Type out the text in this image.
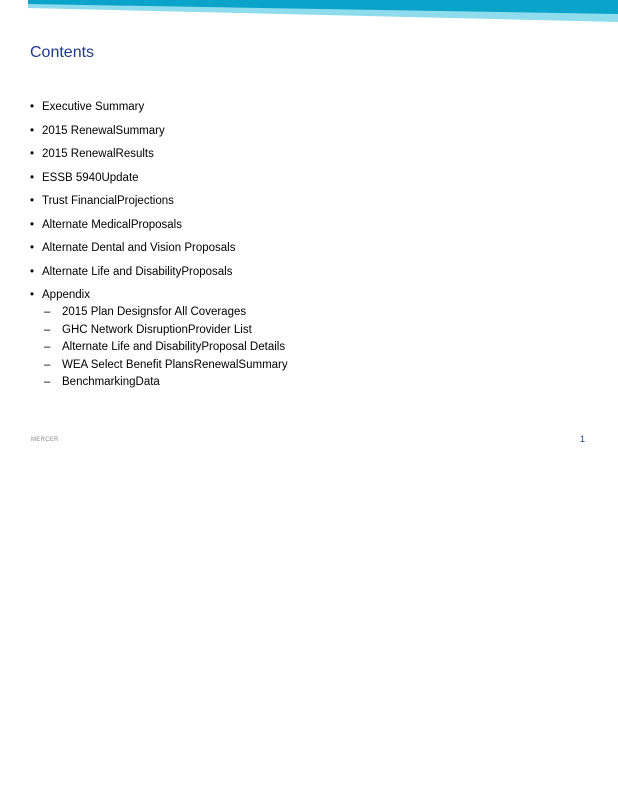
Contents
• Executive Summary
• 2015 RenewalSummary
• 2015 RenewalResults
• ESSB 5940Update
• Trust FinancialProjections
• Alternate MedicalProposals
• Alternate Dental and Vision Proposals
• Alternate Life and DisabilityProposals
• Appendix
– 2015 Plan Designsfor All Coverages
– GHC Network DisruptionProvider List
– Alternate Life and DisabilityProposal Details
– WEA Select Benefit PlansRenewalSummary
– BenchmarkingData
MERCER	1
